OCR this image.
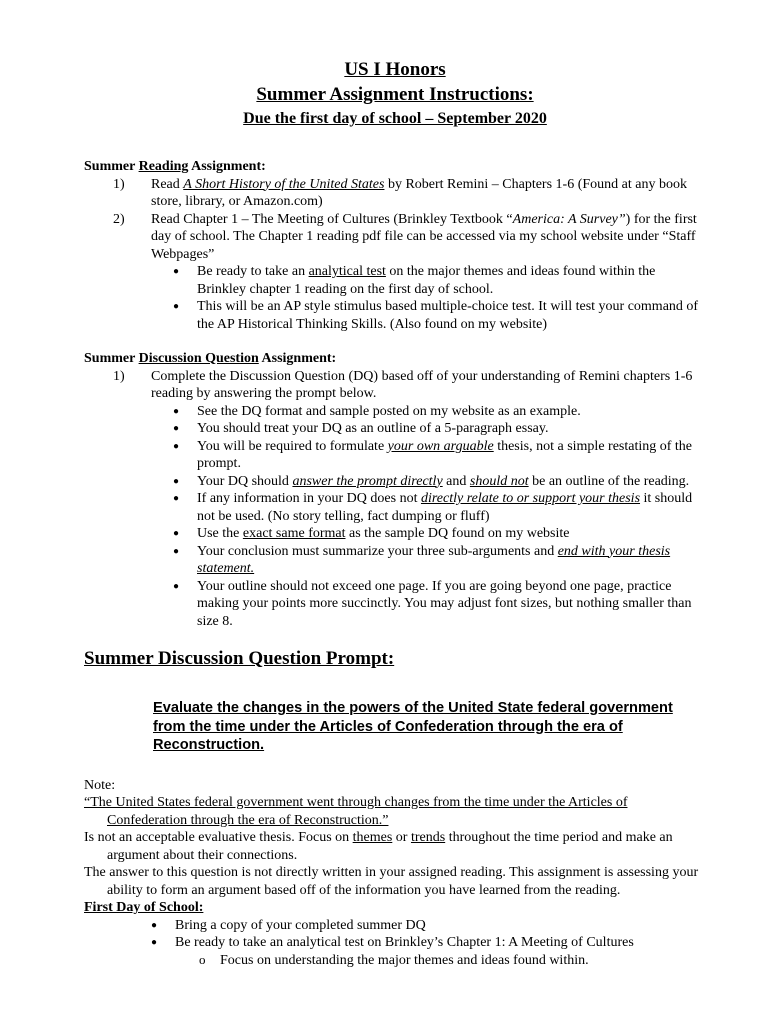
US I Honors
Summer Assignment Instructions:
Due the first day of school – September 2020
Summer Reading Assignment:
1) Read A Short History of the United States by Robert Remini – Chapters 1-6 (Found at any book store, library, or Amazon.com)
2) Read Chapter 1 – The Meeting of Cultures (Brinkley Textbook “America: A Survey”) for the first day of school. The Chapter 1 reading pdf file can be accessed via my school website under “Staff Webpages”
● Be ready to take an analytical test on the major themes and ideas found within the Brinkley chapter 1 reading on the first day of school.
● This will be an AP style stimulus based multiple-choice test. It will test your command of the AP Historical Thinking Skills. (Also found on my website)
Summer Discussion Question Assignment:
1) Complete the Discussion Question (DQ) based off of your understanding of Remini chapters 1-6 reading by answering the prompt below.
● See the DQ format and sample posted on my website as an example.
● You should treat your DQ as an outline of a 5-paragraph essay.
● You will be required to formulate your own arguable thesis, not a simple restating of the prompt.
● Your DQ should answer the prompt directly and should not be an outline of the reading.
● If any information in your DQ does not directly relate to or support your thesis it should not be used. (No story telling, fact dumping or fluff)
● Use the exact same format as the sample DQ found on my website
● Your conclusion must summarize your three sub-arguments and end with your thesis statement.
● Your outline should not exceed one page. If you are going beyond one page, practice making your points more succinctly. You may adjust font sizes, but nothing smaller than size 8.
Summer Discussion Question Prompt:
Evaluate the changes in the powers of the United State federal government from the time under the Articles of Confederation through the era of Reconstruction.
Note:
“The United States federal government went through changes from the time under the Articles of Confederation through the era of Reconstruction.”
Is not an acceptable evaluative thesis. Focus on themes or trends throughout the time period and make an argument about their connections.
The answer to this question is not directly written in your assigned reading. This assignment is assessing your ability to form an argument based off of the information you have learned from the reading.
First Day of School:
● Bring a copy of your completed summer DQ
● Be ready to take an analytical test on Brinkley’s Chapter 1: A Meeting of Cultures
o Focus on understanding the major themes and ideas found within.
